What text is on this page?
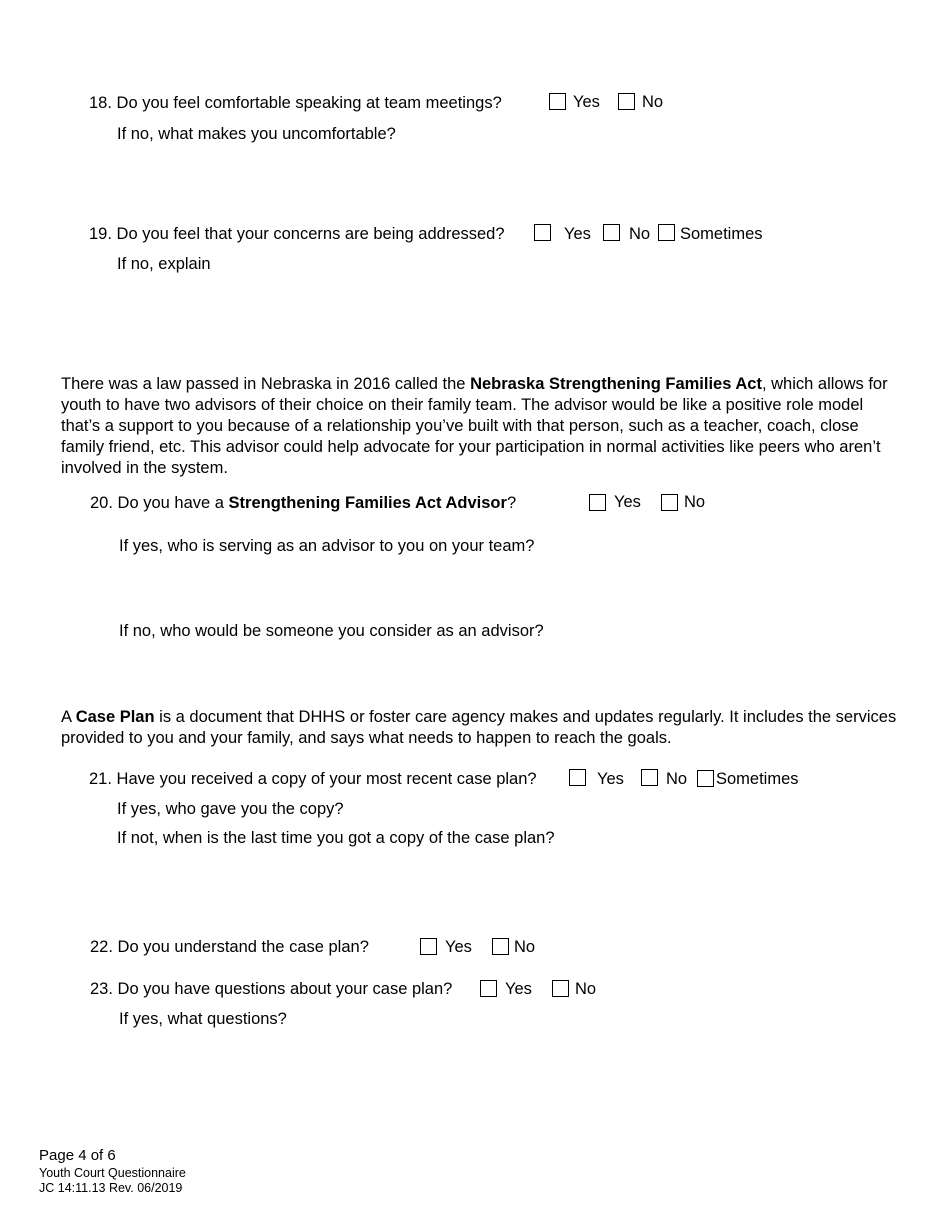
18. Do you feel comfortable speaking at team meetings?	Yes	No
If no, what makes you uncomfortable?
19. Do you feel that your concerns are being addressed?	Yes No Sometimes
If no, explain
There was a law passed in Nebraska in 2016 called the Nebraska Strengthening Families Act, which allows for youth to have two advisors of their choice on their family team. The advisor would be like a positive role model that’s a support to you because of a relationship you’ve built with that person, such as a teacher, coach, close family friend, etc. This advisor could help advocate for your participation in normal activities like peers who aren’t involved in the system.
20. Do you have a Strengthening Families Act Advisor?	Yes	No
If yes, who is serving as an advisor to you on your team?
If no, who would be someone you consider as an advisor?
A Case Plan is a document that DHHS or foster care agency makes and updates regularly. It includes the services provided to you and your family, and says what needs to happen to reach the goals.
21. Have you received a copy of your most recent case plan?	Yes	No Sometimes
If yes, who gave you the copy?
If not, when is the last time you got a copy of the case plan?
22. Do you understand the case plan?	Yes	No
23. Do you have questions about your case plan?	Yes	No
If yes, what questions?
Page 4 of 6
Youth Court Questionnaire
JC 14:11.13 Rev. 06/2019
